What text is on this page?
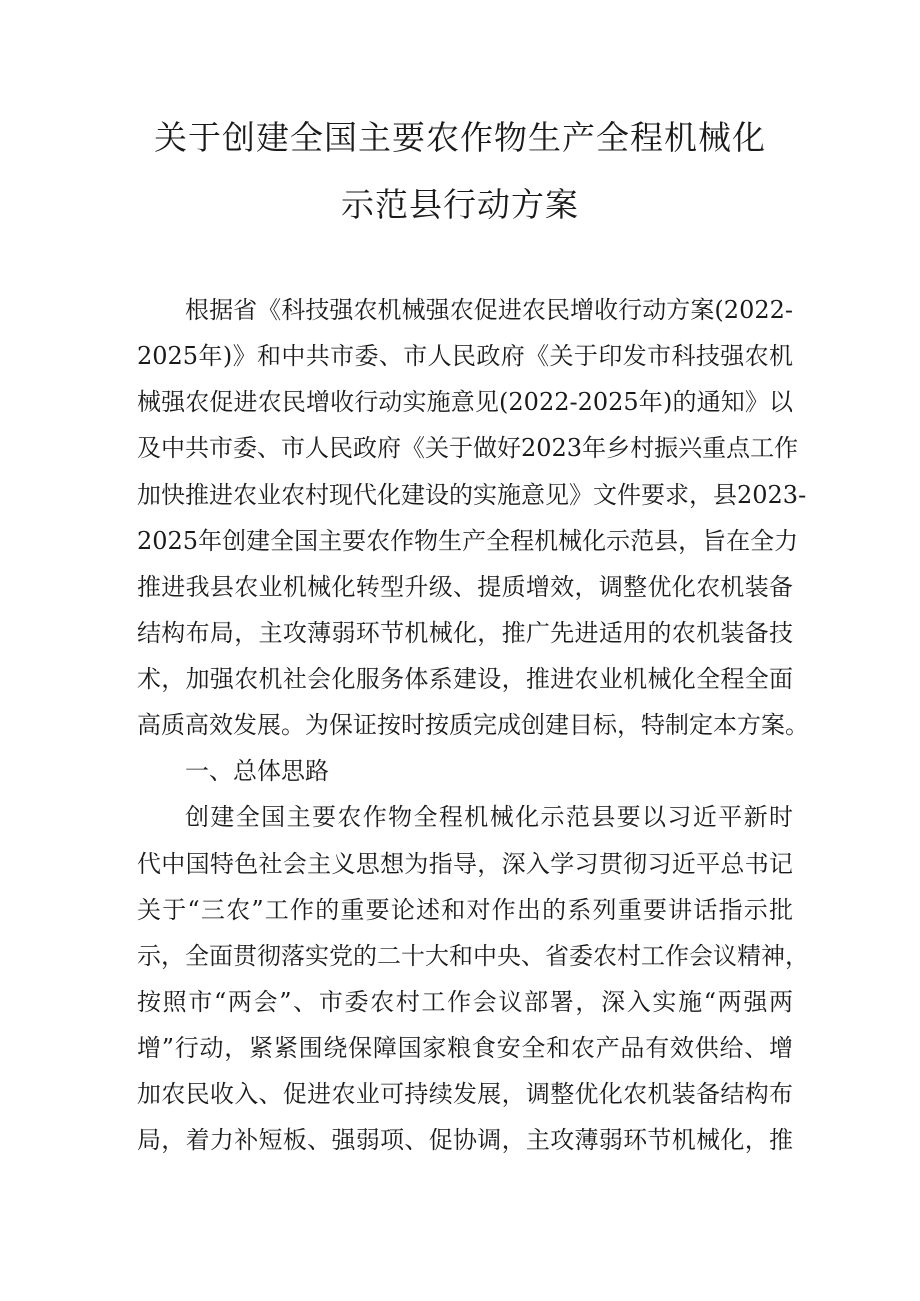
关于创建全国主要农作物生产全程机械化
示范县行动方案
根据省《科技强农机械强农促进农民增收行动方案(2022-
2025年)》和中共市委、市人民政府《关于印发市科技强农机
械强农促进农民增收行动实施意见(2022-2025年)的通知》以
及中共市委、市人民政府《关于做好2023年乡村振兴重点工作
加快推进农业农村现代化建设的实施意见》文件要求，县2023-
2025年创建全国主要农作物生产全程机械化示范县，旨在全力
推进我县农业机械化转型升级、提质增效，调整优化农机装备
结构布局，主攻薄弱环节机械化，推广先进适用的农机装备技
术，加强农机社会化服务体系建设，推进农业机械化全程全面
高质高效发展。为保证按时按质完成创建目标，特制定本方案。
一、总体思路
创建全国主要农作物全程机械化示范县要以习近平新时
代中国特色社会主义思想为指导，深入学习贯彻习近平总书记
关于“三农”工作的重要论述和对作出的系列重要讲话指示批
示，全面贯彻落实党的二十大和中央、省委农村工作会议精神，
按照市“两会”、市委农村工作会议部署，深入实施“两强两
增”行动，紧紧围绕保障国家粮食安全和农产品有效供给、增
加农民收入、促进农业可持续发展，调整优化农机装备结构布
局，着力补短板、强弱项、促协调，主攻薄弱环节机械化，推
